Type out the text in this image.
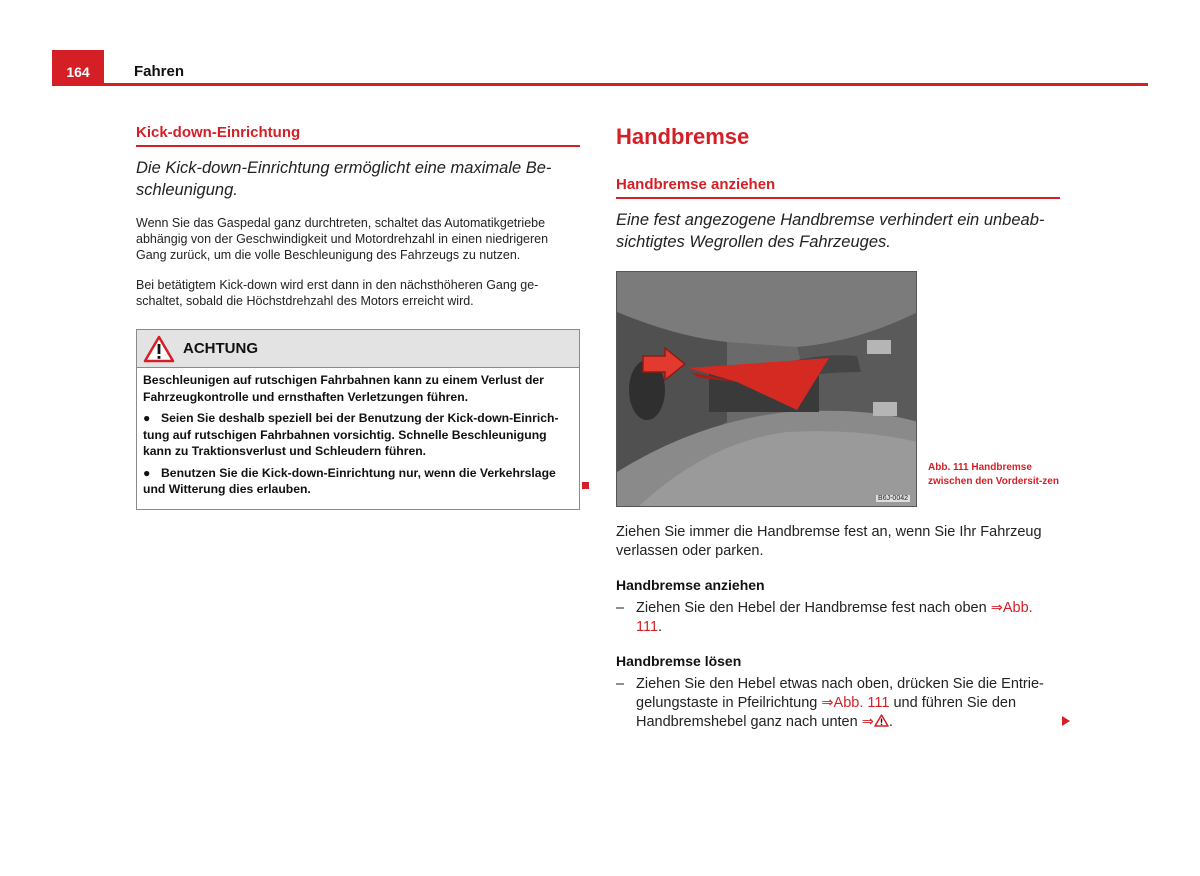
164	Fahren
Kick-down-Einrichtung
Die Kick-down-Einrichtung ermöglicht eine maximale Be-schleunigung.
Wenn Sie das Gaspedal ganz durchtreten, schaltet das Automatikgetriebe abhängig von der Geschwindigkeit und Motordrehzahl in einen niedrigeren Gang zurück, um die volle Beschleunigung des Fahrzeugs zu nutzen.
Bei betätigtem Kick-down wird erst dann in den nächsthöheren Gang ge-schaltet, sobald die Höchstdrehzahl des Motors erreicht wird.
ACHTUNG
Beschleunigen auf rutschigen Fahrbahnen kann zu einem Verlust der Fahrzeugkontrolle und ernsthaften Verletzungen führen.
● Seien Sie deshalb speziell bei der Benutzung der Kick-down-Einrich-tung auf rutschigen Fahrbahnen vorsichtig. Schnelle Beschleunigung kann zu Traktionsverlust und Schleudern führen.
● Benutzen Sie die Kick-down-Einrichtung nur, wenn die Verkehrslage und Witterung dies erlauben.
Handbremse
Handbremse anziehen
Eine fest angezogene Handbremse verhindert ein unbeab-sichtigtes Wegrollen des Fahrzeuges.
B6J-0042
Abb. 111 Handbremse zwischen den Vordersit-zen
Ziehen Sie immer die Handbremse fest an, wenn Sie Ihr Fahrzeug verlassen oder parken.
Handbremse anziehen
– Ziehen Sie den Hebel der Handbremse fest nach oben ⇒Abb. 111.
Handbremse lösen
– Ziehen Sie den Hebel etwas nach oben, drücken Sie die Entrie-gelungstaste in Pfeilrichtung ⇒Abb. 111 und führen Sie den Handbremshebel ganz nach unten ⇒ .
